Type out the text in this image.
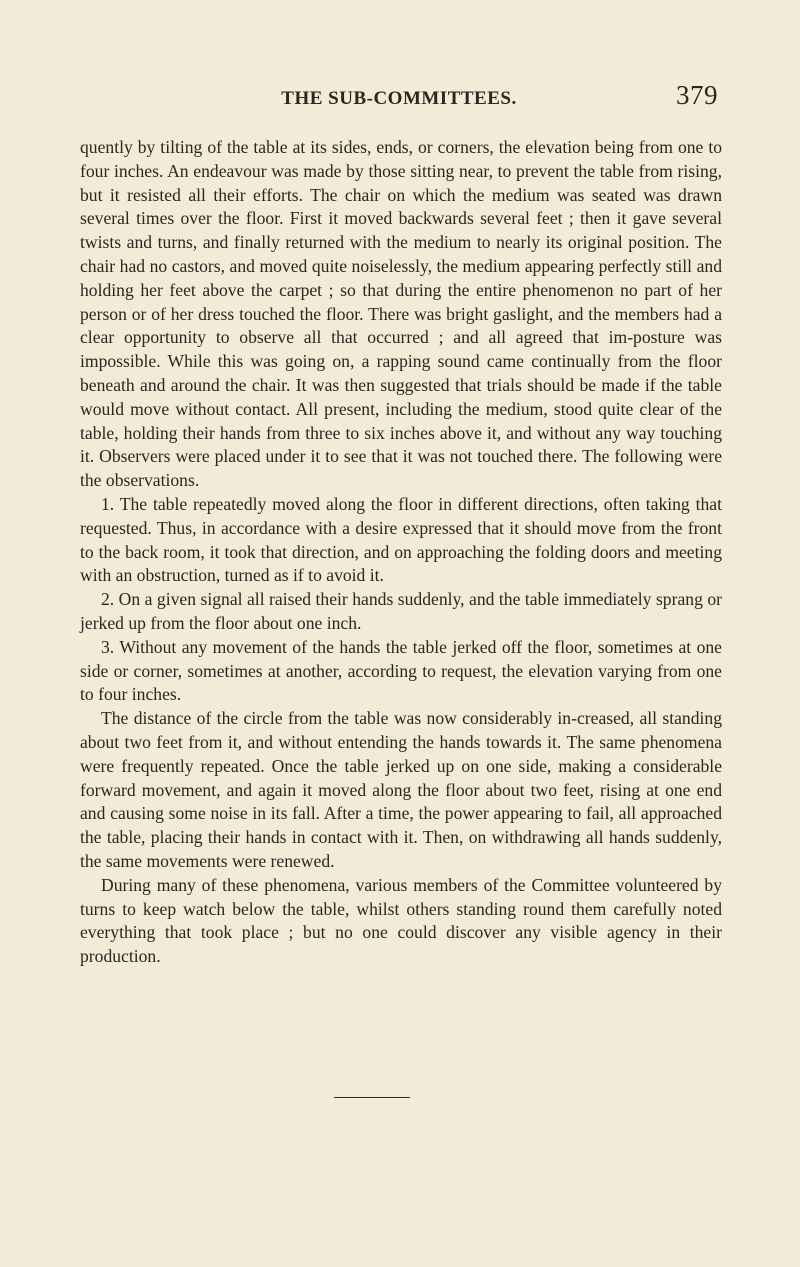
THE SUB-COMMITTEES.	379

quently by tilting of the table at its sides, ends, or corners, the elevation being from one to four inches. An endeavour was made by those sitting near, to prevent the table from rising, but it resisted all their efforts. The chair on which the medium was seated was drawn several times over the floor. First it moved backwards several feet ; then it gave several twists and turns, and finally returned with the medium to nearly its original position. The chair had no castors, and moved quite noiselessly, the medium appearing perfectly still and holding her feet above the carpet ; so that during the entire phenomenon no part of her person or of her dress touched the floor. There was bright gaslight, and the members had a clear opportunity to observe all that occurred ; and all agreed that im-posture was impossible. While this was going on, a rapping sound came continually from the floor beneath and around the chair. It was then suggested that trials should be made if the table would move without contact. All present, including the medium, stood quite clear of the table, holding their hands from three to six inches above it, and without any way touching it. Observers were placed under it to see that it was not touched there. The following were the observations.

1. The table repeatedly moved along the floor in different directions, often taking that requested. Thus, in accordance with a desire expressed that it should move from the front to the back room, it took that direction, and on approaching the folding doors and meeting with an obstruction, turned as if to avoid it.

2. On a given signal all raised their hands suddenly, and the table immediately sprang or jerked up from the floor about one inch.

3. Without any movement of the hands the table jerked off the floor, sometimes at one side or corner, sometimes at another, according to request, the elevation varying from one to four inches.

The distance of the circle from the table was now considerably in-creased, all standing about two feet from it, and without entending the hands towards it. The same phenomena were frequently repeated. Once the table jerked up on one side, making a considerable forward movement, and again it moved along the floor about two feet, rising at one end and causing some noise in its fall. After a time, the power appearing to fail, all approached the table, placing their hands in contact with it. Then, on withdrawing all hands suddenly, the same movements were renewed.

During many of these phenomena, various members of the Committee volunteered by turns to keep watch below the table, whilst others standing round them carefully noted everything that took place ; but no one could discover any visible agency in their production.
